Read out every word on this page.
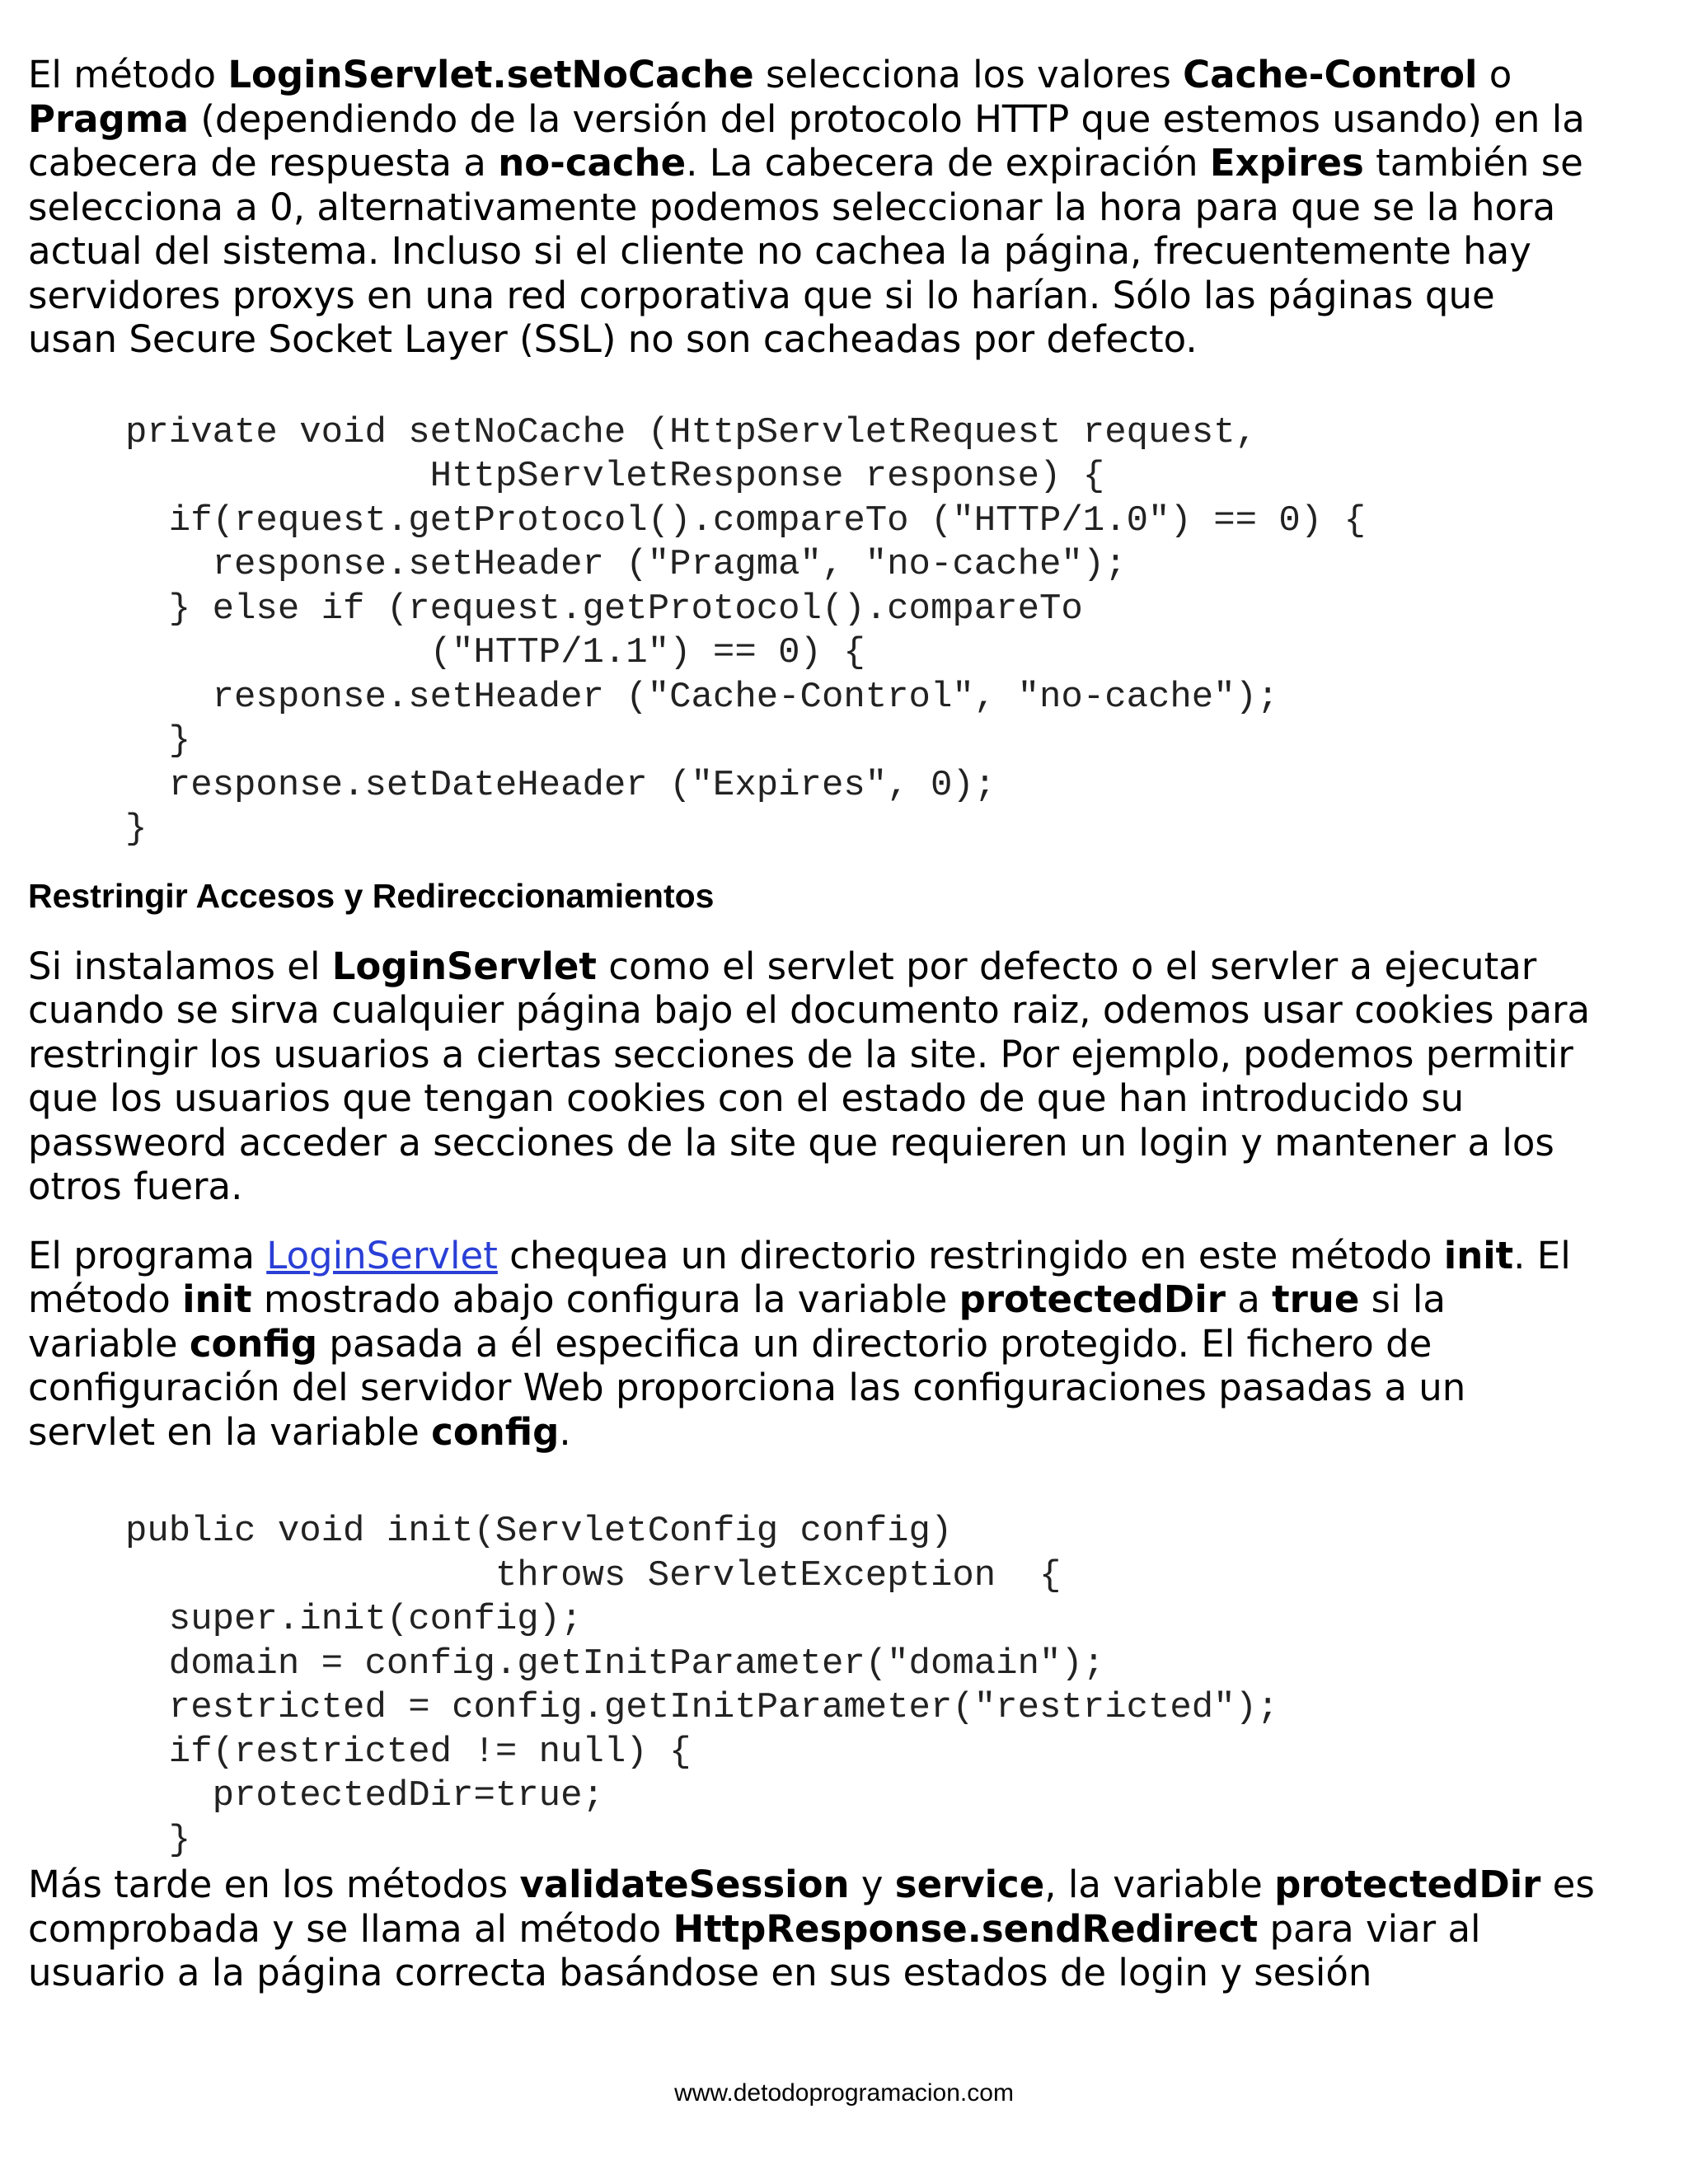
El método LoginServlet.setNoCache selecciona los valores Cache-Control o
Pragma (dependiendo de la versión del protocolo HTTP que estemos usando) en la
cabecera de respuesta a no-cache. La cabecera de expiración Expires también se
selecciona a 0, alternativamente podemos seleccionar la hora para que se la hora
actual del sistema. Incluso si el cliente no cachea la página, frecuentemente hay
servidores proxys en una red corporativa que si lo harían. Sólo las páginas que
usan Secure Socket Layer (SSL) no son cacheadas por defecto.

private void setNoCache (HttpServletRequest request,
HttpServletResponse response) {
if(request.getProtocol().compareTo ("HTTP/1.0") == 0) {
response.setHeader ("Pragma", "no-cache");
} else if (request.getProtocol().compareTo
("HTTP/1.1") == 0) {
response.setHeader ("Cache-Control", "no-cache");
}
response.setDateHeader ("Expires", 0);
}
Restringir Accesos y Redireccionamientos

Si instalamos el LoginServlet como el servlet por defecto o el servler a ejecutar
cuando se sirva cualquier página bajo el documento raiz, odemos usar cookies para
restringir los usuarios a ciertas secciones de la site. Por ejemplo, podemos permitir
que los usuarios que tengan cookies con el estado de que han introducido su
passweord acceder a secciones de la site que requieren un login y mantener a los
otros fuera.

El programa LoginServlet chequea un directorio restringido en este método init. El
método init mostrado abajo configura la variable protectedDir a true si la
variable config pasada a él especifica un directorio protegido. El fichero de
configuración del servidor Web proporciona las configuraciones pasadas a un
servlet en la variable config.

public void init(ServletConfig config)
throws ServletException  {
super.init(config);
domain = config.getInitParameter("domain");
restricted = config.getInitParameter("restricted");
if(restricted != null) {
protectedDir=true;
}

Más tarde en los métodos validateSession y service, la variable protectedDir es
comprobada y se llama al método HttpResponse.sendRedirect para viar al
usuario a la página correcta basándose en sus estados de login y sesión

www.detodoprogramacion.com
